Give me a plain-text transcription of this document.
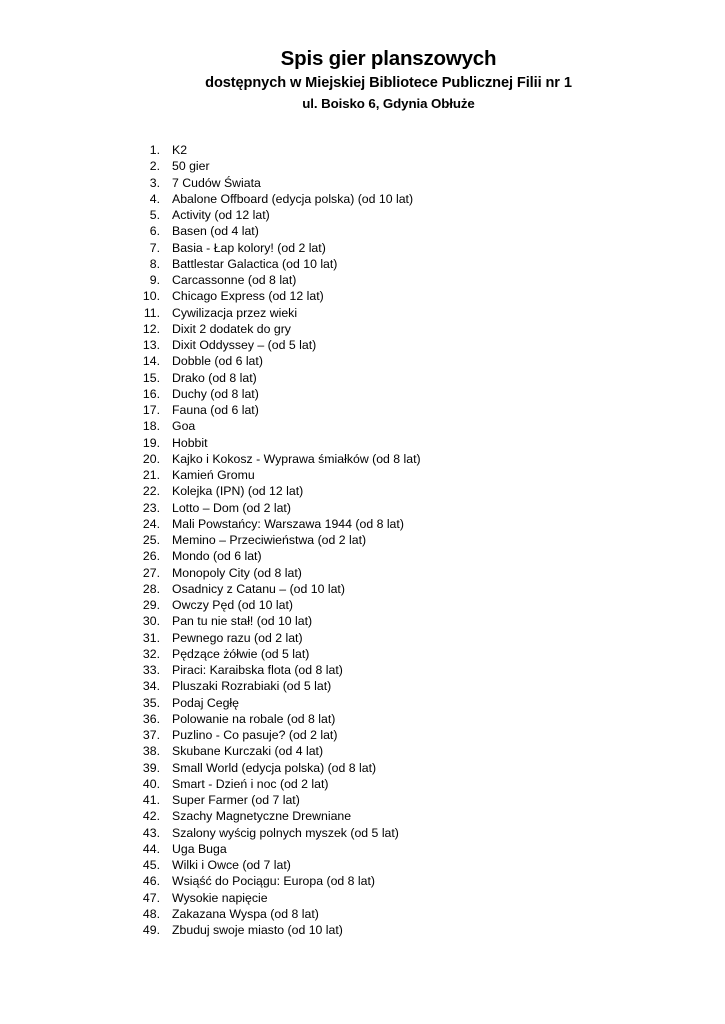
Spis gier planszowych
dostępnych w Miejskiej Bibliotece Publicznej Filii nr 1
ul. Boisko 6, Gdynia Obłuże
1. K2
2. 50 gier
3. 7 Cudów Świata
4. Abalone Offboard (edycja polska) (od 10 lat)
5. Activity (od 12 lat)
6. Basen (od 4 lat)
7. Basia - Łap kolory! (od 2 lat)
8. Battlestar Galactica (od 10 lat)
9. Carcassonne (od 8 lat)
10. Chicago Express (od 12 lat)
11. Cywilizacja przez wieki
12. Dixit 2 dodatek do gry
13. Dixit Oddyssey – (od 5 lat)
14. Dobble (od 6 lat)
15. Drako (od 8 lat)
16. Duchy (od 8 lat)
17. Fauna (od 6 lat)
18. Goa
19. Hobbit
20. Kajko i Kokosz - Wyprawa śmiałków (od 8 lat)
21. Kamień Gromu
22. Kolejka (IPN) (od 12 lat)
23. Lotto – Dom (od 2 lat)
24. Mali Powstańcy: Warszawa 1944 (od 8 lat)
25. Memino – Przeciwieństwa (od 2 lat)
26. Mondo (od 6 lat)
27. Monopoly City (od 8 lat)
28. Osadnicy z Catanu – (od 10 lat)
29. Owczy Pęd (od 10 lat)
30. Pan tu nie stał! (od 10 lat)
31. Pewnego razu (od 2 lat)
32. Pędzące żółwie (od 5 lat)
33. Piraci: Karaibska flota (od 8 lat)
34. Pluszaki Rozrabiaki (od 5 lat)
35. Podaj Cegłę
36. Polowanie na robale (od 8 lat)
37. Puzlino - Co pasuje? (od 2 lat)
38. Skubane Kurczaki (od 4 lat)
39. Small World (edycja polska) (od 8 lat)
40. Smart - Dzień i noc (od 2 lat)
41. Super Farmer (od 7 lat)
42. Szachy Magnetyczne Drewniane
43. Szalony wyścig polnych myszek (od 5 lat)
44. Uga Buga
45. Wilki i Owce (od 7 lat)
46. Wsiąść do Pociągu: Europa (od 8 lat)
47. Wysokie napięcie
48. Zakazana Wyspa (od 8 lat)
49. Zbuduj swoje miasto (od 10 lat)
